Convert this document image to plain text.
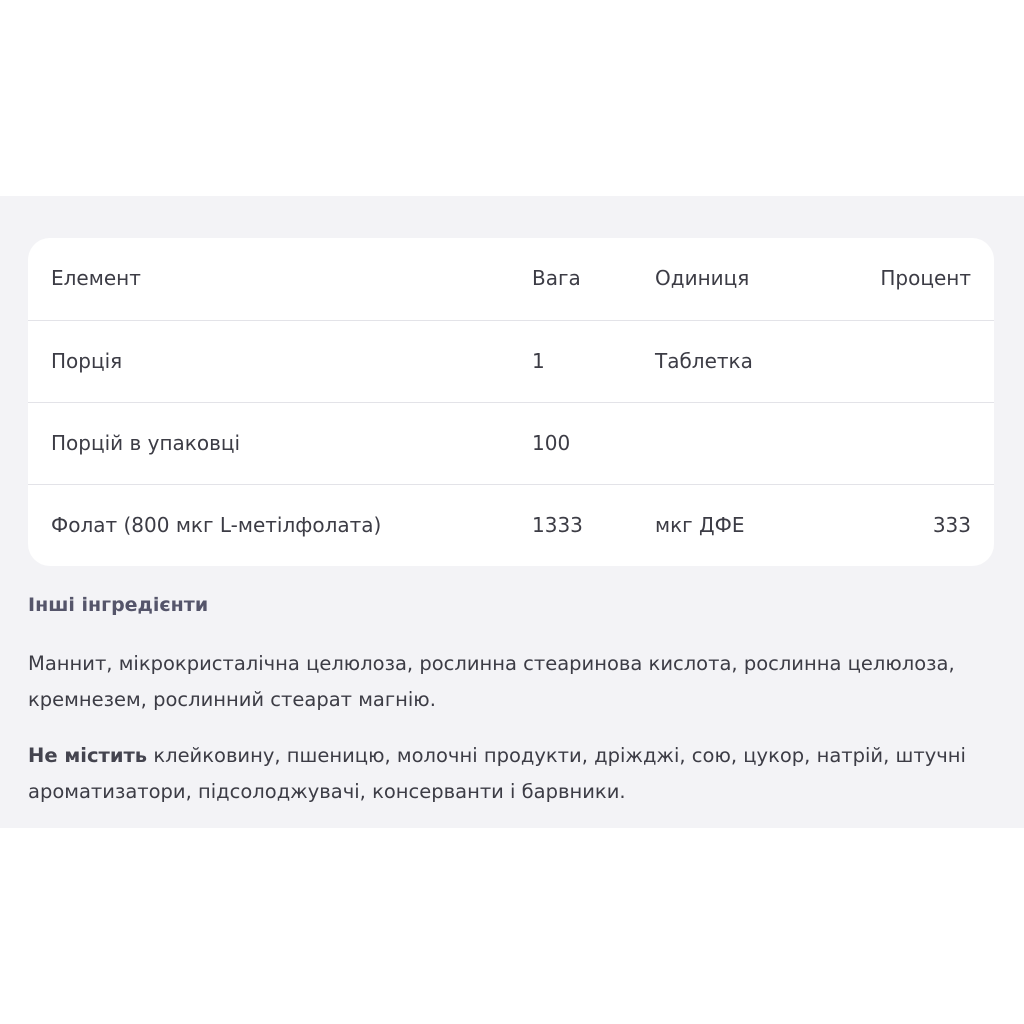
Елемент	Вага	Одиниця	Процент
Порція	1	Таблетка
Порцій в упаковці	100
Фолат (800 мкг L-метілфолата)	1333	мкг ДФЕ	333
Інші інгредієнти
Маннит, мікрокристалічна целюлоза, рослинна стеаринова кислота, рослинна целюлоза, кремнезем, рослинний стеарат магнію.
Не містить клейковину, пшеницю, молочні продукти, дріжджі, сою, цукор, натрій, штучні ароматизатори, підсолоджувачі, консерванти і барвники.
